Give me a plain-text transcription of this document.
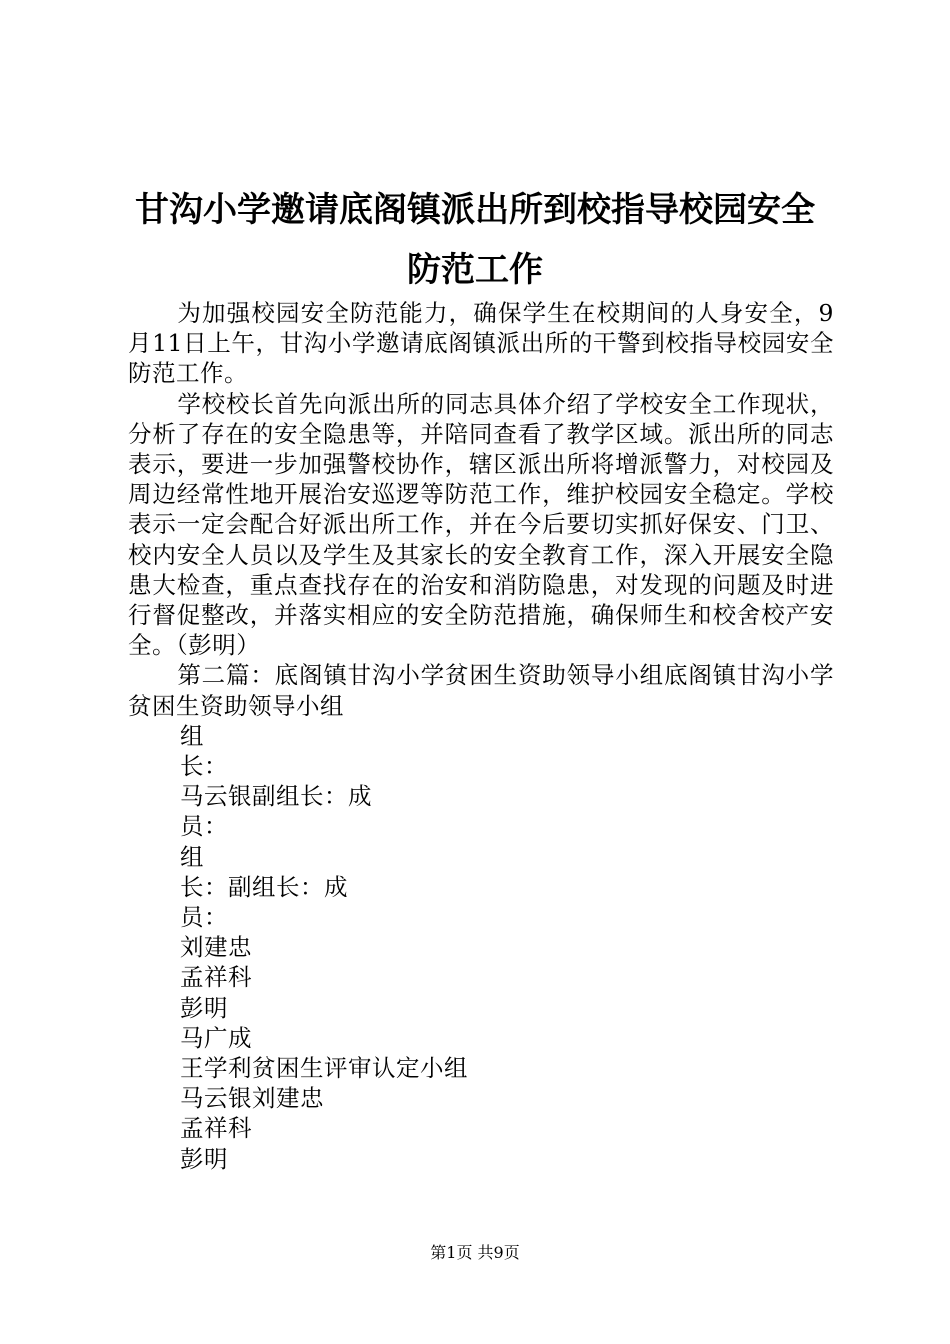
甘沟小学邀请底阁镇派出所到校指导校园安全
防范工作

为加强校园安全防范能力，确保学生在校期间的人身安全，9月11日上午，甘沟小学邀请底阁镇派出所的干警到校指导校园安全防范工作。

学校校长首先向派出所的同志具体介绍了学校安全工作现状，分析了存在的安全隐患等，并陪同查看了教学区域。派出所的同志表示，要进一步加强警校协作，辖区派出所将增派警力，对校园及周边经常性地开展治安巡逻等防范工作，维护校园安全稳定。学校表示一定会配合好派出所工作，并在今后要切实抓好保安、门卫、校内安全人员以及学生及其家长的安全教育工作，深入开展安全隐患大检查，重点查找存在的治安和消防隐患，对发现的问题及时进行督促整改，并落实相应的安全防范措施，确保师生和校舍校产安全。（彭明）

第二篇：底阁镇甘沟小学贫困生资助领导小组底阁镇甘沟小学贫困生资助领导小组

组
长：
马云银副组长：成
员：
组
长：副组长：成
员：
刘建忠
孟祥科
彭明
马广成
王学利贫困生评审认定小组
马云银刘建忠
孟祥科
彭明
第1页 共9页
